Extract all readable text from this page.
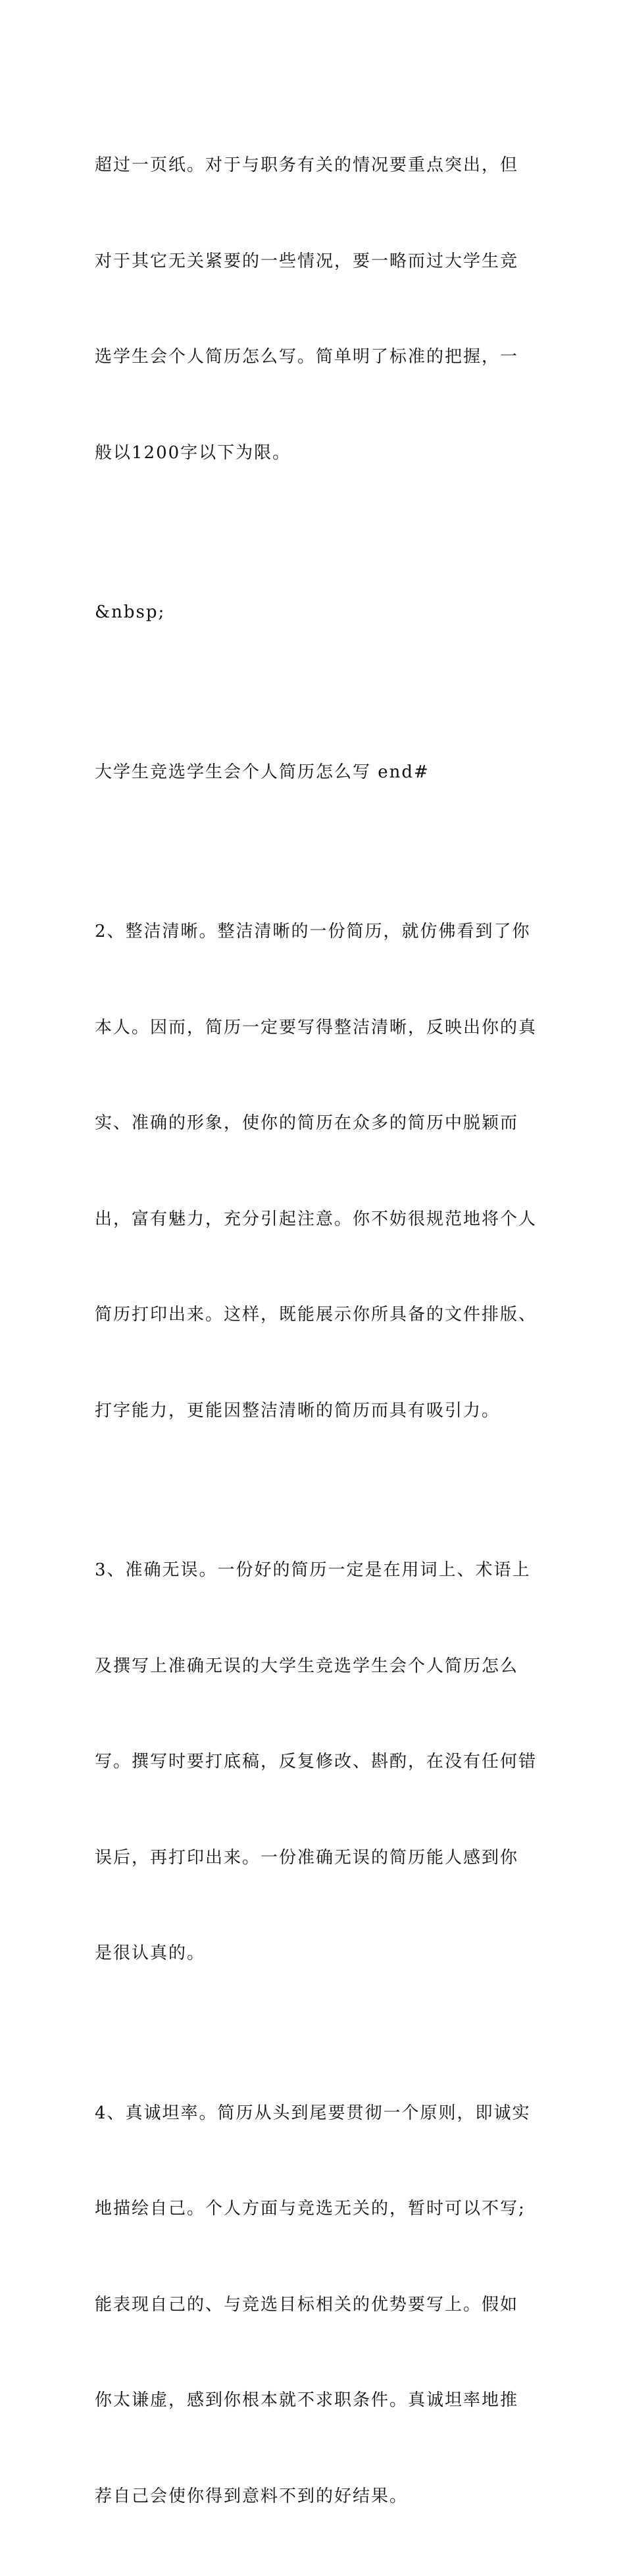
超过一页纸。对于与职务有关的情况要重点突出，但

对于其它无关紧要的一些情况，要一略而过大学生竞

选学生会个人简历怎么写。简单明了标准的把握，一

般以1200字以下为限。

&nbsp;

大学生竞选学生会个人简历怎么写 end#

2、整洁清晰。整洁清晰的一份简历，就仿佛看到了你

本人。因而，简历一定要写得整洁清晰，反映出你的真

实、准确的形象，使你的简历在众多的简历中脱颖而

出，富有魅力，充分引起注意。你不妨很规范地将个人

简历打印出来。这样，既能展示你所具备的文件排版、

打字能力，更能因整洁清晰的简历而具有吸引力。

3、准确无误。一份好的简历一定是在用词上、术语上

及撰写上准确无误的大学生竞选学生会个人简历怎么

写。撰写时要打底稿，反复修改、斟酌，在没有任何错

误后，再打印出来。一份准确无误的简历能人感到你

是很认真的。

4、真诚坦率。简历从头到尾要贯彻一个原则，即诚实

地描绘自己。个人方面与竞选无关的，暂时可以不写;

能表现自己的、与竞选目标相关的优势要写上。假如

你太谦虚，感到你根本就不求职条件。真诚坦率地推

荐自己会使你得到意料不到的好结果。
